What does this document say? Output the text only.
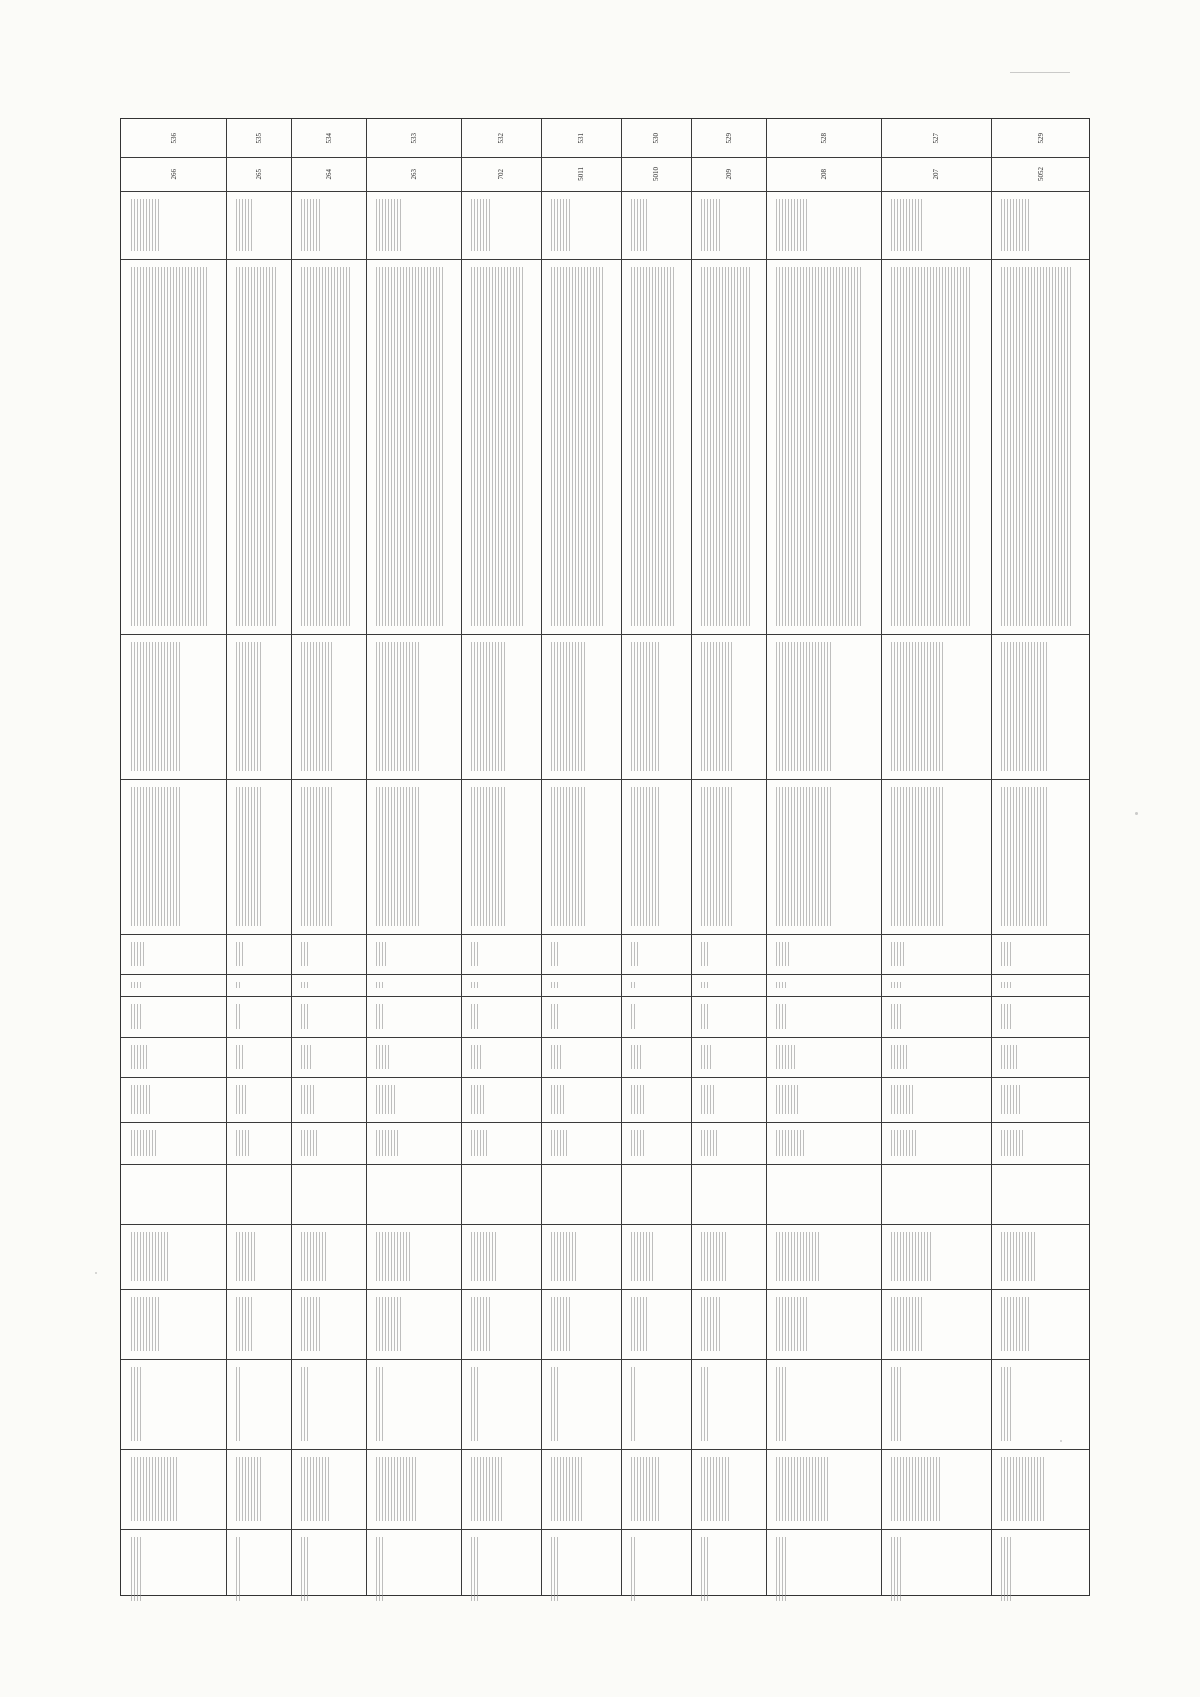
529
5052
527
207
528
208
529
209
530
5010
531
5011
532
702
533
263
534
264
535
265
536
266
